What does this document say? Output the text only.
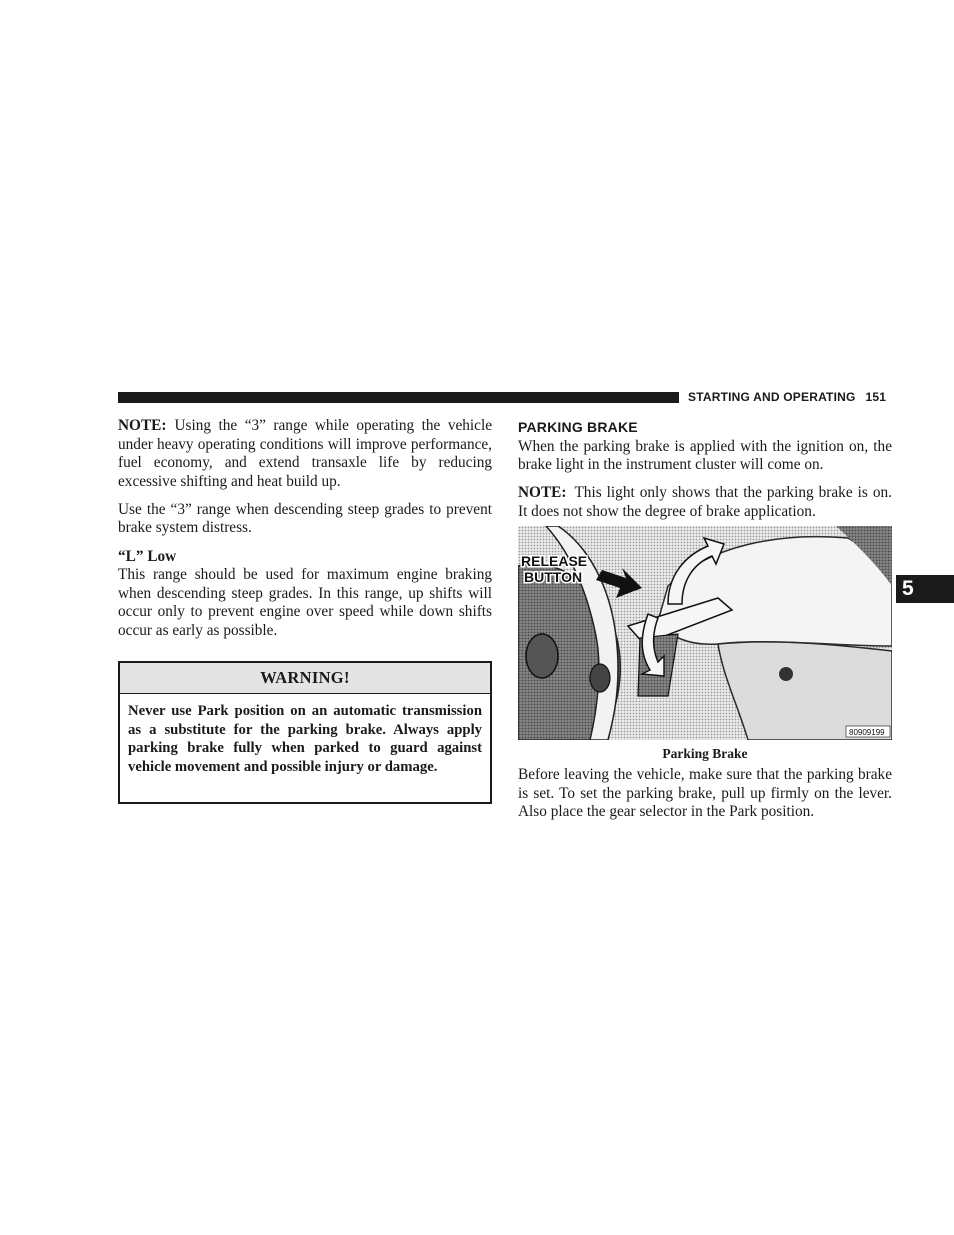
STARTING AND OPERATING 151

NOTE: Using the “3” range while operating the vehicle under heavy operating conditions will improve performance, fuel economy, and extend transaxle life by reducing excessive shifting and heat build up.

Use the “3” range when descending steep grades to prevent brake system distress.

“L” Low

This range should be used for maximum engine braking when descending steep grades. In this range, up shifts will occur only to prevent engine over speed while down shifts occur as early as possible.

WARNING!
Never use Park position on an automatic transmission as a substitute for the parking brake. Always apply parking brake fully when parked to guard against vehicle movement and possible injury or damage.
PARKING BRAKE

When the parking brake is applied with the ignition on, the brake light in the instrument cluster will come on.

NOTE: This light only shows that the parking brake is on. It does not show the degree of brake application.

RELEASE
BUTTON
80909199
Parking Brake
Before leaving the vehicle, make sure that the parking brake is set. To set the parking brake, pull up firmly on the lever. Also place the gear selector in the Park position.
5
